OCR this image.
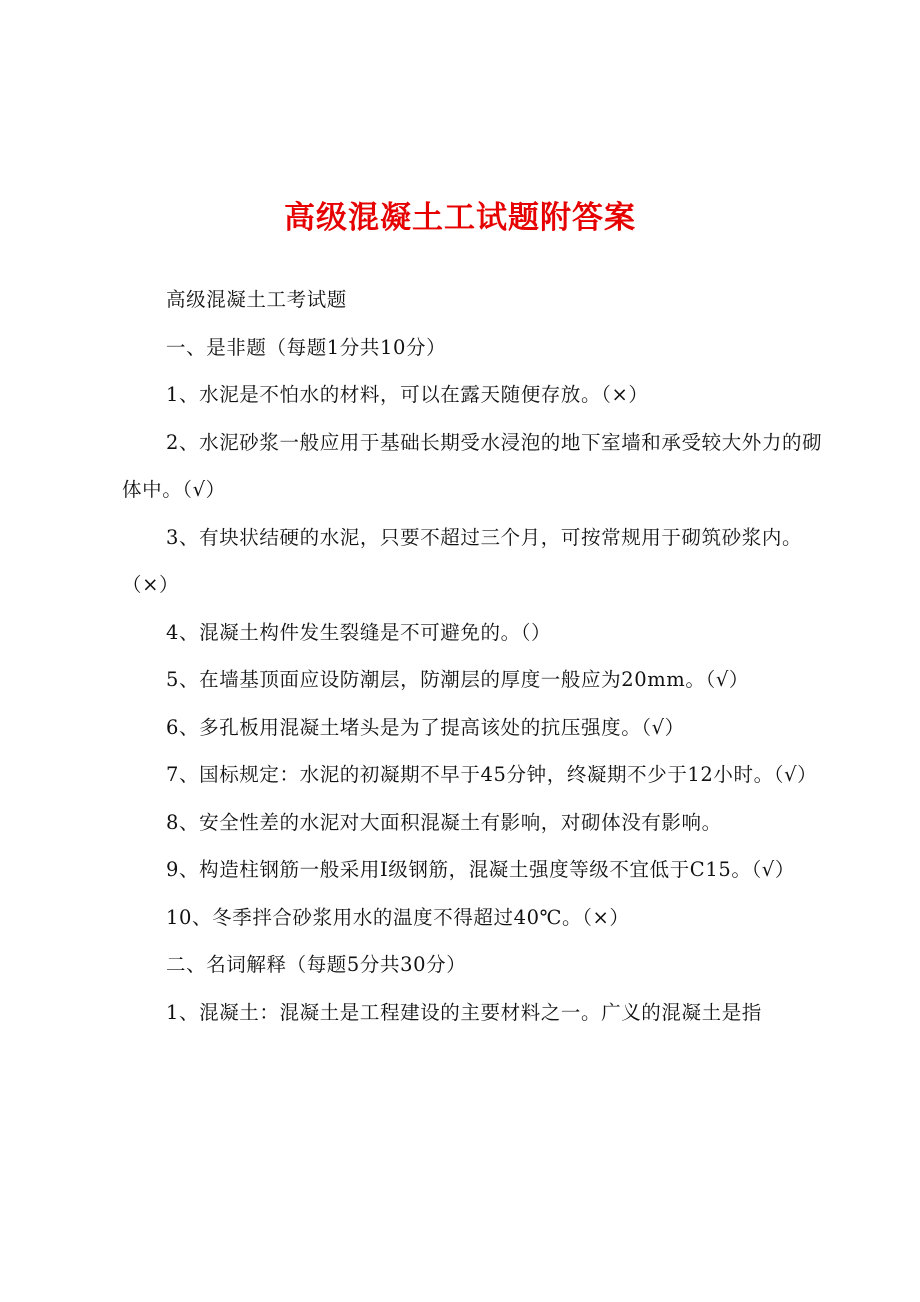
高级混凝土工试题附答案

高级混凝土工考试题

一、是非题（每题1分共10分）

1、水泥是不怕水的材料，可以在露天随便存放。（×）

2、水泥砂浆一般应用于基础长期受水浸泡的地下室墙和承受较大外力的砌体中。（√）

3、有块状结硬的水泥，只要不超过三个月，可按常规用于砌筑砂浆内。（×）

4、混凝土构件发生裂缝是不可避免的。（）

5、在墙基顶面应设防潮层，防潮层的厚度一般应为20mm。（√）

6、多孔板用混凝土堵头是为了提高该处的抗压强度。（√）

7、国标规定：水泥的初凝期不早于45分钟，终凝期不少于12小时。（√）

8、安全性差的水泥对大面积混凝土有影响，对砌体没有影响。

9、构造柱钢筋一般采用I级钢筋，混凝土强度等级不宜低于C15。（√）

10、冬季拌合砂浆用水的温度不得超过40℃。（×）

二、名词解释（每题5分共30分）

1、混凝土：混凝土是工程建设的主要材料之一。广义的混凝土是指
